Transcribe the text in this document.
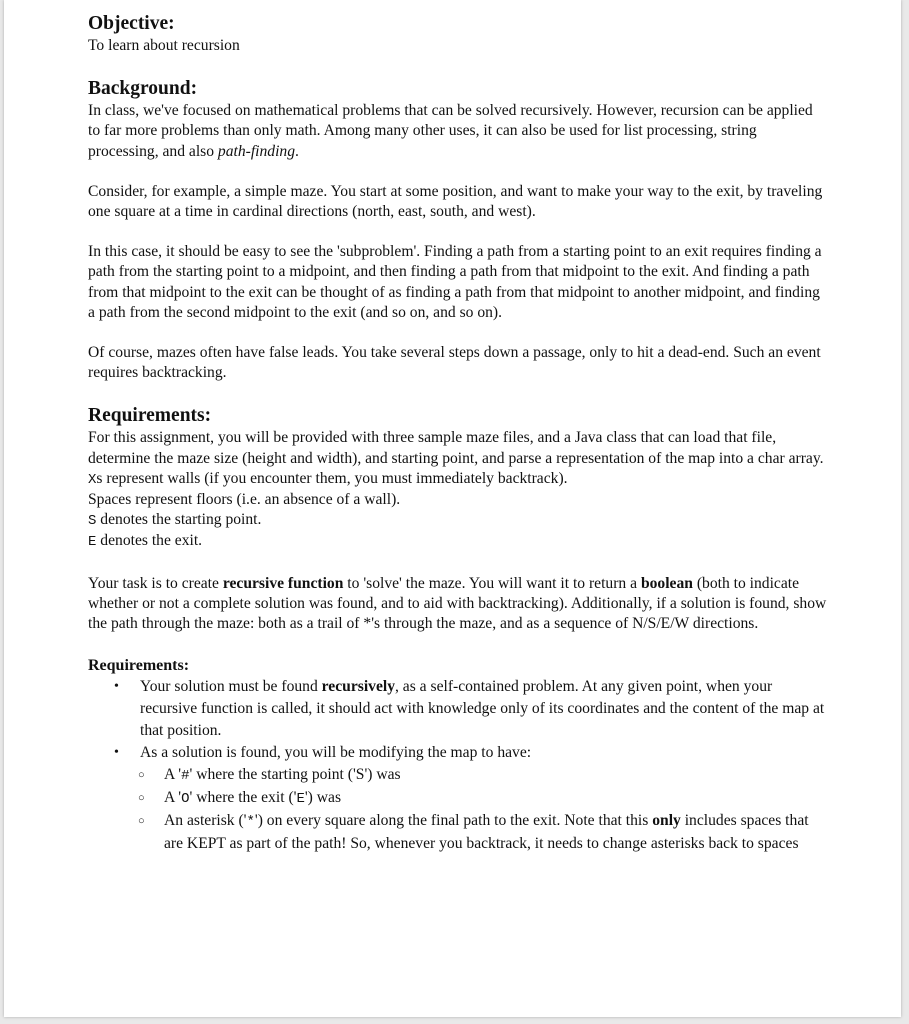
Objective:

To learn about recursion

Background:

In class, we've focused on mathematical problems that can be solved recursively. However, recursion can be applied to far more problems than only math. Among many other uses, it can also be used for list processing, string processing, and also path-finding.

Consider, for example, a simple maze. You start at some position, and want to make your way to the exit, by traveling one square at a time in cardinal directions (north, east, south, and west).

In this case, it should be easy to see the 'subproblem'. Finding a path from a starting point to an exit requires finding a path from the starting point to a midpoint, and then finding a path from that midpoint to the exit. And finding a path from that midpoint to the exit can be thought of as finding a path from that midpoint to another midpoint, and finding a path from the second midpoint to the exit (and so on, and so on).

Of course, mazes often have false leads. You take several steps down a passage, only to hit a dead-end. Such an event requires backtracking.

Requirements:

For this assignment, you will be provided with three sample maze files, and a Java class that can load that file, determine the maze size (height and width), and starting point, and parse a representation of the map into a char array.

Xs represent walls (if you encounter them, you must immediately backtrack).

Spaces represent floors (i.e. an absence of a wall).

S denotes the starting point.

E denotes the exit.

Your task is to create recursive function to 'solve' the maze. You will want it to return a boolean (both to indicate whether or not a complete solution was found, and to aid with backtracking). Additionally, if a solution is found, show the path through the maze: both as a trail of *'s through the maze, and as a sequence of N/S/E/W directions.

Requirements:
• Your solution must be found recursively, as a self-contained problem. At any given point, when your recursive function is called, it should act with knowledge only of its coordinates and the content of the map at that position.
• As a solution is found, you will be modifying the map to have:
○ A '#' where the starting point ('S') was
○ A 'O' where the exit ('E') was
○ An asterisk ('*') on every square along the final path to the exit. Note that this only includes spaces that are KEPT as part of the path! So, whenever you backtrack, it needs to change asterisks back to spaces
